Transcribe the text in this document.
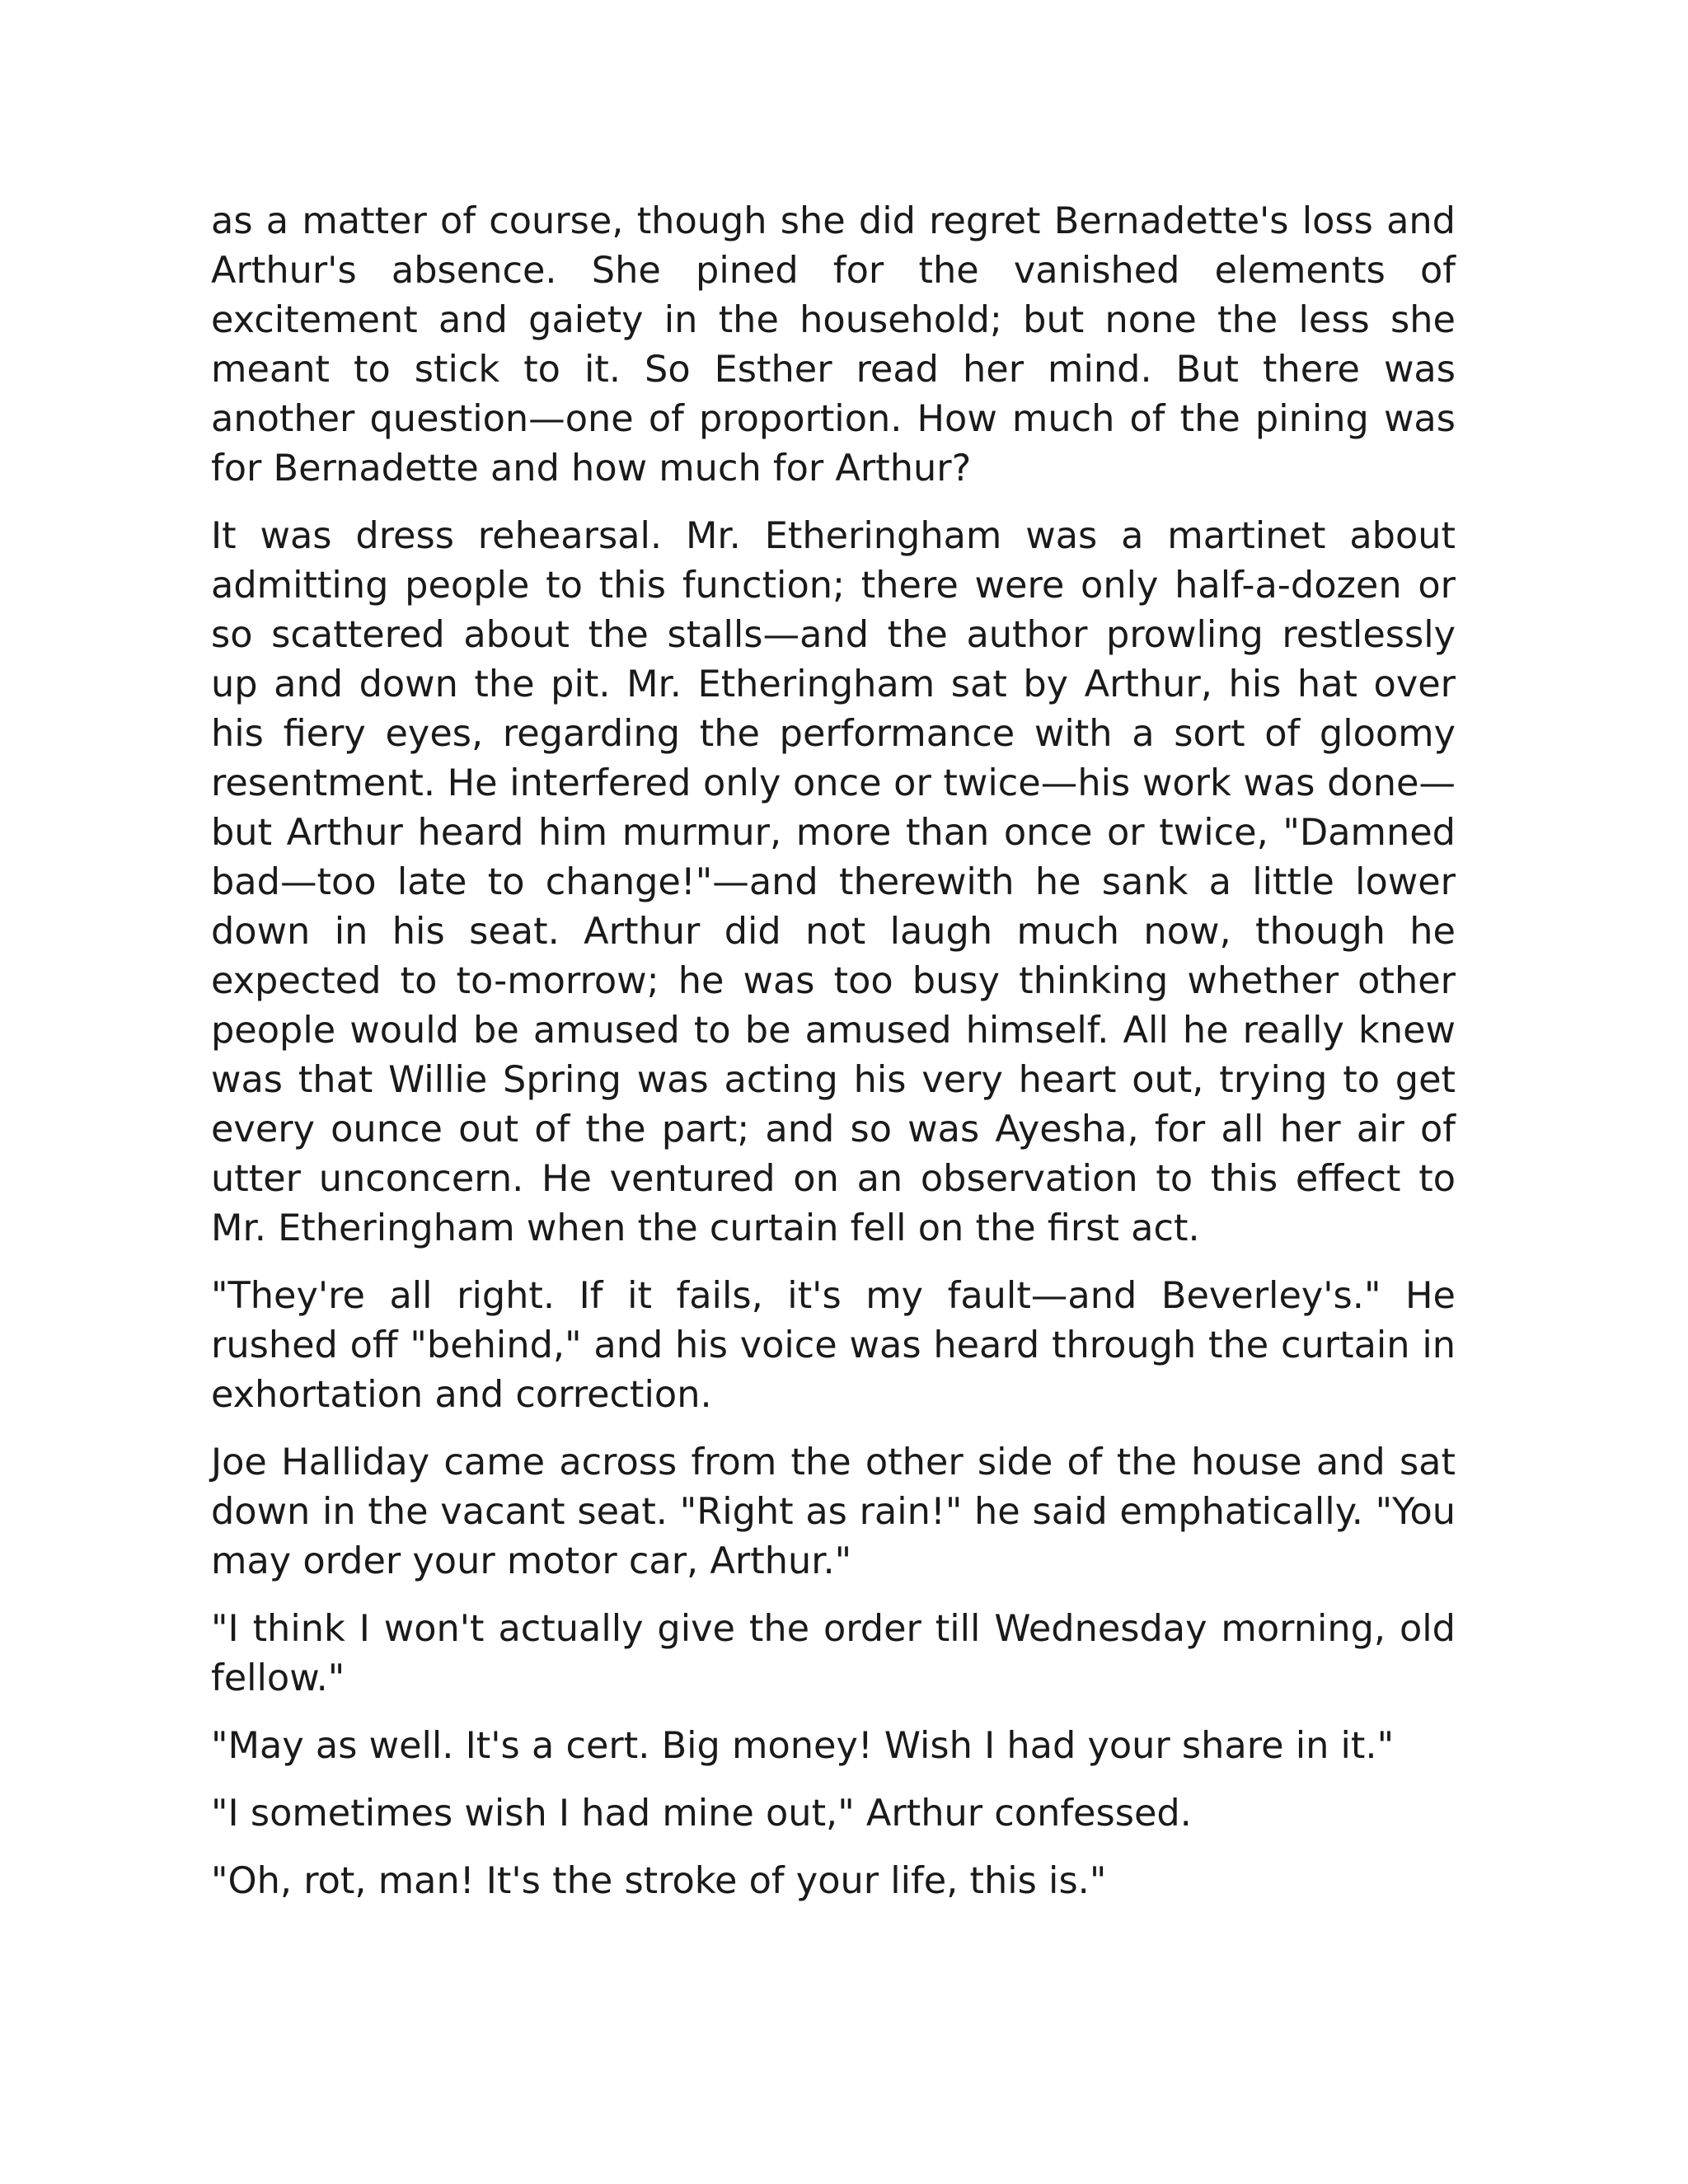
as a matter of course, though she did regret Bernadette's loss and Arthur's absence. She pined for the vanished elements of excitement and gaiety in the household; but none the less she meant to stick to it. So Esther read her mind. But there was another question—one of proportion. How much of the pining was for Bernadette and how much for Arthur?

It was dress rehearsal. Mr. Etheringham was a martinet about admitting people to this function; there were only half-a-dozen or so scattered about the stalls—and the author prowling restlessly up and down the pit. Mr. Etheringham sat by Arthur, his hat over his fiery eyes, regarding the performance with a sort of gloomy resentment. He interfered only once or twice—his work was done—but Arthur heard him murmur, more than once or twice, "Damned bad—too late to change!"—and therewith he sank a little lower down in his seat. Arthur did not laugh much now, though he expected to to-morrow; he was too busy thinking whether other people would be amused to be amused himself. All he really knew was that Willie Spring was acting his very heart out, trying to get every ounce out of the part; and so was Ayesha, for all her air of utter unconcern. He ventured on an observation to this effect to Mr. Etheringham when the curtain fell on the first act.

"They're all right. If it fails, it's my fault—and Beverley's." He rushed off "behind," and his voice was heard through the curtain in exhortation and correction.

Joe Halliday came across from the other side of the house and sat down in the vacant seat. "Right as rain!" he said emphatically. "You may order your motor car, Arthur."

"I think I won't actually give the order till Wednesday morning, old fellow."

"May as well. It's a cert. Big money! Wish I had your share in it."

"I sometimes wish I had mine out," Arthur confessed.

"Oh, rot, man! It's the stroke of your life, this is."
